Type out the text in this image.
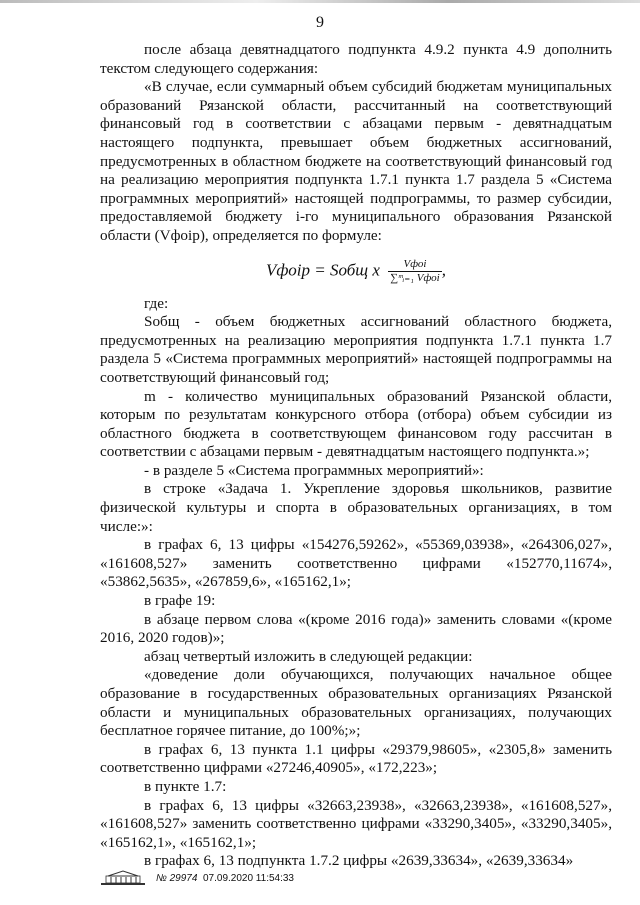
9

после абзаца девятнадцатого подпункта 4.9.2 пункта 4.9 дополнить текстом следующего содержания:

«В случае, если суммарный объем субсидий бюджетам муниципальных образований Рязанской области, рассчитанный на соответствующий финансовый год в соответствии с абзацами первым - девятнадцатым настоящего подпункта, превышает объем бюджетных ассигнований, предусмотренных в областном бюджете на соответствующий финансовый год на реализацию мероприятия подпункта 1.7.1 пункта 1.7 раздела 5 «Система программных мероприятий» настоящей подпрограммы, то размер субсидии, предоставляемой бюджету i-го муниципального образования Рязанской области (Vфоiр), определяется по формуле:

Vфоiр = Sобщ x $\frac{\text{Vфоi}}{\text{∑ᵐᵢ₌₁ Vфоi}}$ ,

где:

Sобщ - объем бюджетных ассигнований областного бюджета, предусмотренных на реализацию мероприятия подпункта 1.7.1 пункта 1.7 раздела 5 «Система программных мероприятий» настоящей подпрограммы на соответствующий финансовый год;

m - количество муниципальных образований Рязанской области, которым по результатам конкурсного отбора (отбора) объем субсидии из областного бюджета в соответствующем финансовом году рассчитан в соответствии с абзацами первым - девятнадцатым настоящего подпункта.»;

- в разделе 5 «Система программных мероприятий»:

в строке «Задача 1. Укрепление здоровья школьников, развитие физической культуры и спорта в образовательных организациях, в том числе:»:

в графах 6, 13 цифры «154276,59262», «55369,03938», «264306,027», «161608,527» заменить соответственно цифрами «152770,11674», «53862,5635», «267859,6», «165162,1»;

в графе 19:

в абзаце первом слова «(кроме 2016 года)» заменить словами «(кроме 2016, 2020 годов)»;

абзац четвертый изложить в следующей редакции:

«доведение доли обучающихся, получающих начальное общее образование в государственных образовательных организациях Рязанской области и муниципальных образовательных организациях, получающих бесплатное горячее питание, до 100%;»;

в графах 6, 13 пункта 1.1 цифры «29379,98605», «2305,8» заменить соответственно цифрами «27246,40905», «172,223»;

в пункте 1.7:

в графах 6, 13 цифры «32663,23938», «32663,23938», «161608,527», «161608,527» заменить соответственно цифрами «33290,3405», «33290,3405», «165162,1», «165162,1»;

в графах 6, 13 подпункта 1.7.2 цифры «2639,33634», «2639,33634»

№ 29974
07.09.2020 11:54:33
